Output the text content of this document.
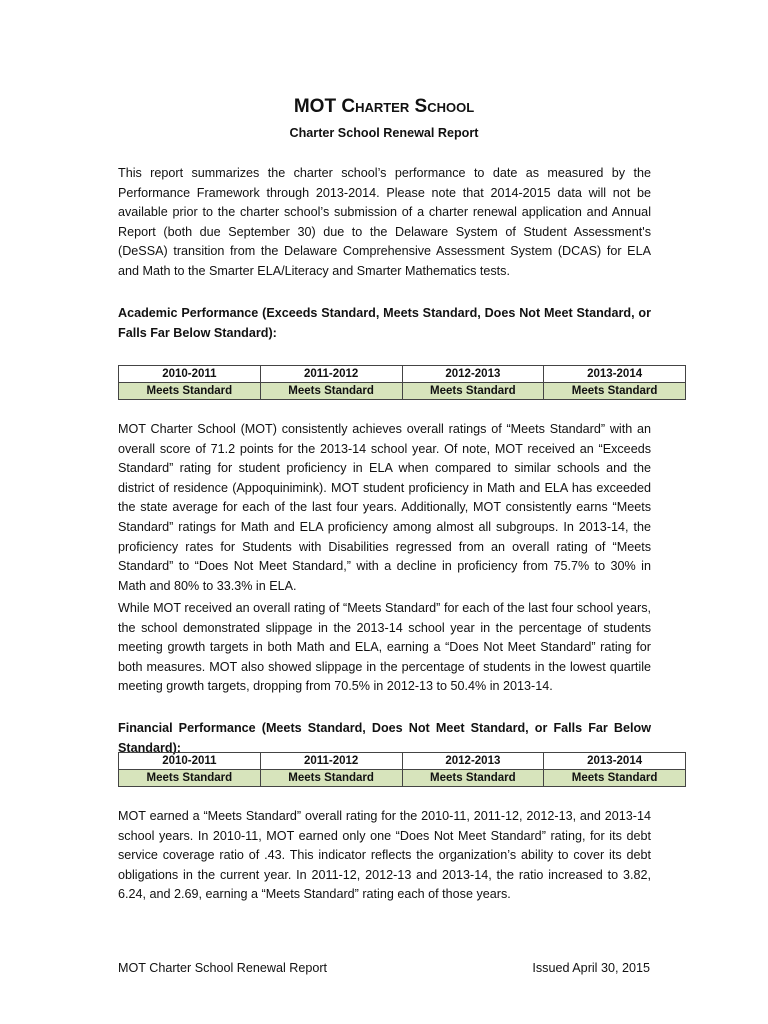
MOT Charter School
Charter School Renewal Report
This report summarizes the charter school’s performance to date as measured by the Performance Framework through 2013-2014. Please note that 2014-2015 data will not be available prior to the charter school’s submission of a charter renewal application and Annual Report (both due September 30) due to the Delaware System of Student Assessment's (DeSSA) transition from the Delaware Comprehensive Assessment System (DCAS) for ELA and Math to the Smarter ELA/Literacy and Smarter Mathematics tests.
Academic Performance (Exceeds Standard, Meets Standard, Does Not Meet Standard, or Falls Far Below Standard):
2010-2011	2011-2012	2012-2013	2013-2014
Meets Standard	Meets Standard	Meets Standard	Meets Standard
MOT Charter School (MOT) consistently achieves overall ratings of “Meets Standard” with an overall score of 71.2 points for the 2013-14 school year. Of note, MOT received an “Exceeds Standard” rating for student proficiency in ELA when compared to similar schools and the district of residence (Appoquinimink). MOT student proficiency in Math and ELA has exceeded the state average for each of the last four years. Additionally, MOT consistently earns “Meets Standard” ratings for Math and ELA proficiency among almost all subgroups. In 2013-14, the proficiency rates for Students with Disabilities regressed from an overall rating of “Meets Standard” to “Does Not Meet Standard,” with a decline in proficiency from 75.7% to 30% in Math and 80% to 33.3% in ELA.
While MOT received an overall rating of “Meets Standard” for each of the last four school years, the school demonstrated slippage in the 2013-14 school year in the percentage of students meeting growth targets in both Math and ELA, earning a “Does Not Meet Standard” rating for both measures. MOT also showed slippage in the percentage of students in the lowest quartile meeting growth targets, dropping from 70.5% in 2012-13 to 50.4% in 2013-14.
Financial Performance (Meets Standard, Does Not Meet Standard, or Falls Far Below Standard):
2010-2011	2011-2012	2012-2013	2013-2014
Meets Standard	Meets Standard	Meets Standard	Meets Standard
MOT earned a “Meets Standard” overall rating for the 2010-11, 2011-12, 2012-13, and 2013-14 school years. In 2010-11, MOT earned only one “Does Not Meet Standard” rating, for its debt service coverage ratio of .43. This indicator reflects the organization’s ability to cover its debt obligations in the current year. In 2011-12, 2012-13 and 2013-14, the ratio increased to 3.82, 6.24, and 2.69, earning a “Meets Standard” rating each of those years.
MOT Charter School Renewal Report	Issued April 30, 2015
